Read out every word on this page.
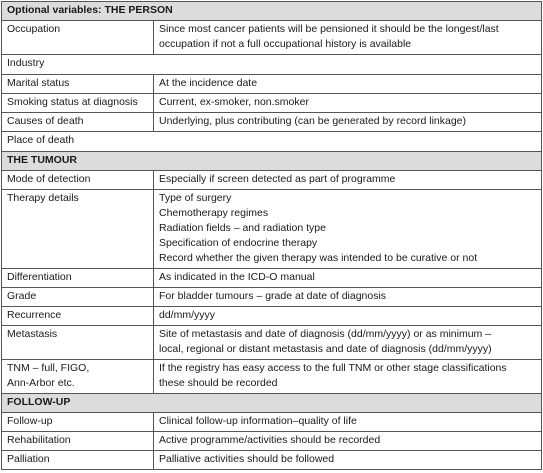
Optional variables: THE PERSON	
Occupation	Since most cancer patients will be pensioned it should be the longest/last
occupation if not a full occupational history is available

Industry	
Marital status	At the incidence date
Smoking status at diagnosis	Current, ex-smoker, non.smoker
Causes of death	Underlying, plus contributing (can be generated by record linkage)
Place of death	
THE TUMOUR	
Mode of detection	Especially if screen detected as part of programme
Therapy details	Type of surgery
Chemotherapy regimes
Radiation fields – and radiation type
Specification of endocrine therapy
Record whether the given therapy was intended to be curative or not

Differentiation	As indicated in the ICD-O manual
Grade	For bladder tumours – grade at date of diagnosis
Recurrence	dd/mm/yyyy
Metastasis	Site of metastasis and date of diagnosis (dd/mm/yyyy) or as minimum –
local, regional or distant metastasis and date of diagnosis (dd/mm/yyyy)

TNM – full, FIGO,
Ann-Arbor etc.	If the registry has easy access to the full TNM or other stage classifications
these should be recorded

FOLLOW-UP	
Follow-up	Clinical follow-up information–quality of life
Rehabilitation	Active programme/activities should be recorded
Palliation	Palliative activities should be followed
